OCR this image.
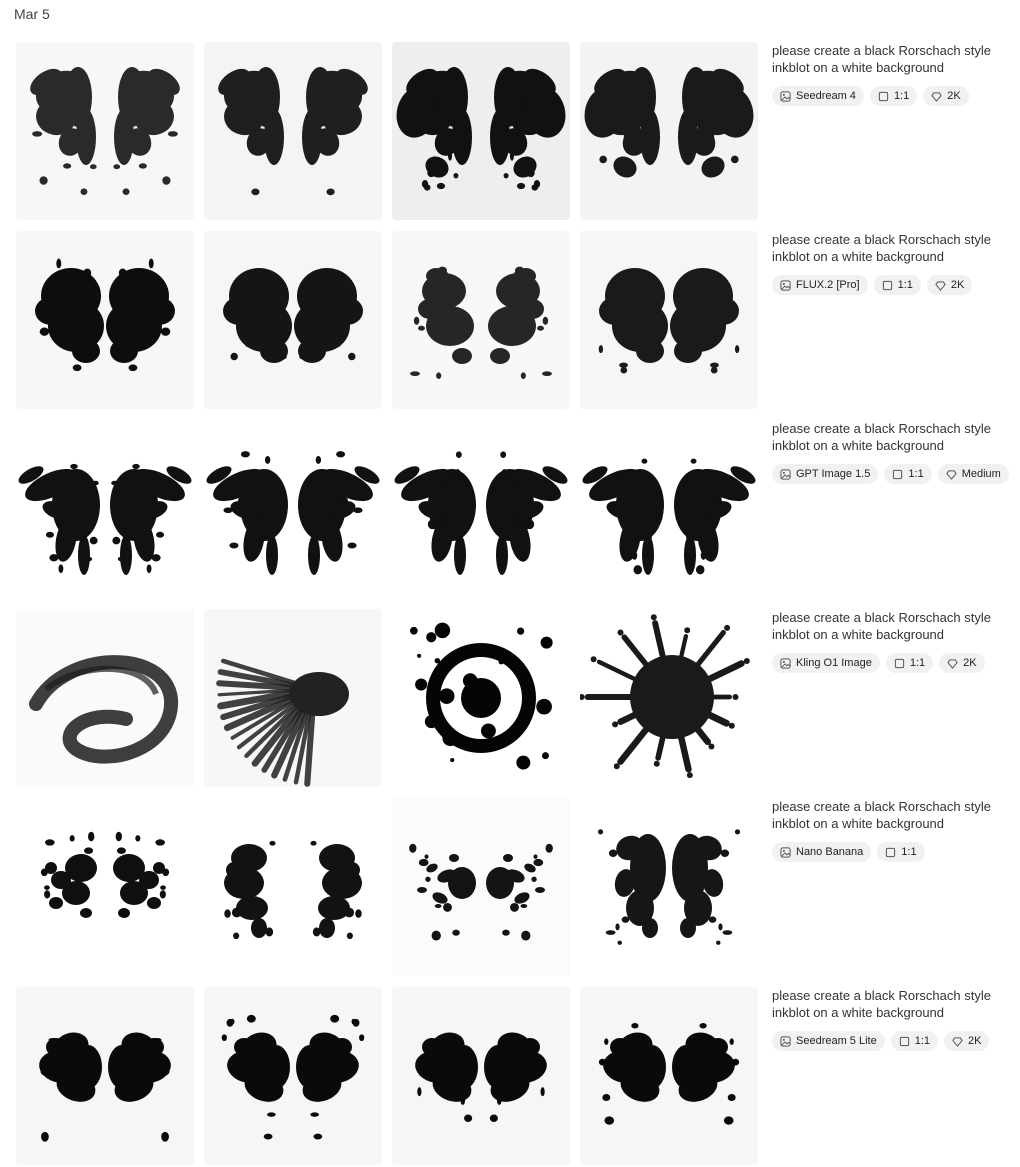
Mar 5
please create a black Rorschach style inkblot on a white background
Seedream 4	1:1	2K
please create a black Rorschach style inkblot on a white background
FLUX.2 [Pro]	1:1	2K
please create a black Rorschach style inkblot on a white background
GPT Image 1.5	1:1	Medium
please create a black Rorschach style inkblot on a white background
Kling O1 Image	1:1	2K
please create a black Rorschach style inkblot on a white background
Nano Banana	1:1
please create a black Rorschach style inkblot on a white background
Seedream 5 Lite	1:1	2K
